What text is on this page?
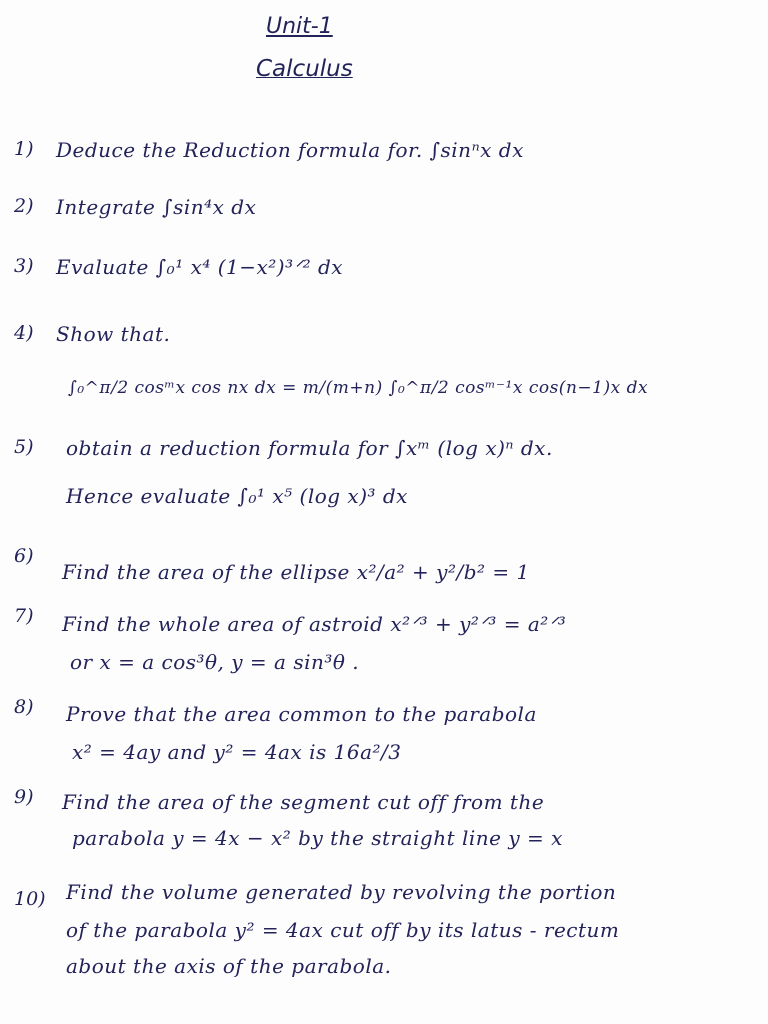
Unit-1
Calculus
1) Deduce the Reduction formula for. ∫sinⁿx dx
2) Integrate ∫sin⁴x dx
3) Evaluate ∫₀¹ x⁴ (1−x²)³ᐟ² dx
4) Show that.
∫₀^π/2 cosᵐx cos nx dx = m/(m+n) ∫₀^π/2 cosᵐ⁻¹x cos(n−1)x dx
5) obtain a reduction formula for ∫xᵐ (log x)ⁿ dx.
Hence evaluate ∫₀¹ x⁵ (log x)³ dx
6)
Find the area of the ellipse x²/a² + y²/b² = 1
7) Find the whole area of astroid x²ᐟ³ + y²ᐟ³ = a²ᐟ³
or x = a cos³θ, y = a sin³θ .
8) Prove that the area common to the parabola
x² = 4ay and y² = 4ax is 16a²/3
9) Find the area of the segment cut off from the
parabola y = 4x − x² by the straight line y = x
10) Find the volume generated by revolving the portion
of the parabola y² = 4ax cut off by its latus - rectum
about the axis of the parabola.
